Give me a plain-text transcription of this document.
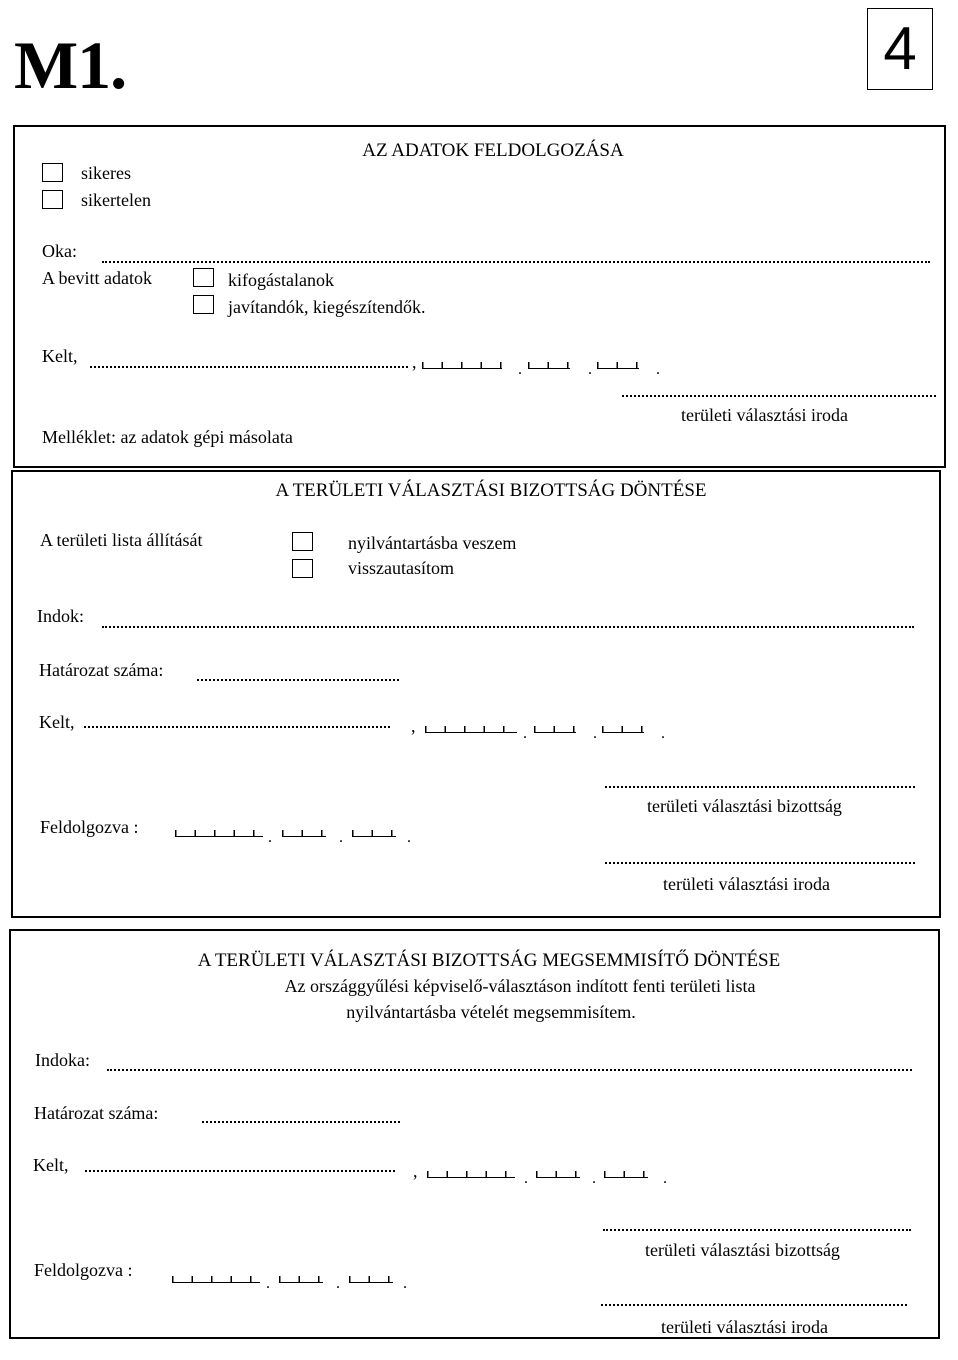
M1.	4
AZ ADATOK FELDOLGOZÁSA
sikeres
sikertelen
Oka:
A bevitt adatok	kifogástalanok
javítandók, kiegészítendők.
Kelt,	,	.	.	.
területi választási iroda
Melléklet: az adatok gépi másolata
A TERÜLETI VÁLASZTÁSI BIZOTTSÁG DÖNTÉSE
A területi lista állítását	nyilvántartásba veszem
visszautasítom
Indok:
Határozat száma:
Kelt,	,	.	.	.
területi választási bizottság
Feldolgozva :
.	.	.
területi választási iroda
A TERÜLETI VÁLASZTÁSI BIZOTTSÁG MEGSEMMISÍTŐ DÖNTÉSE
Az országgyűlési képviselő-választáson indított fenti területi lista
nyilvántartásba vételét megsemmisítem.
Indoka:
Határozat száma:
Kelt,	,	.	.	.
területi választási bizottság
Feldolgozva :
.	.	.
területi választási iroda
